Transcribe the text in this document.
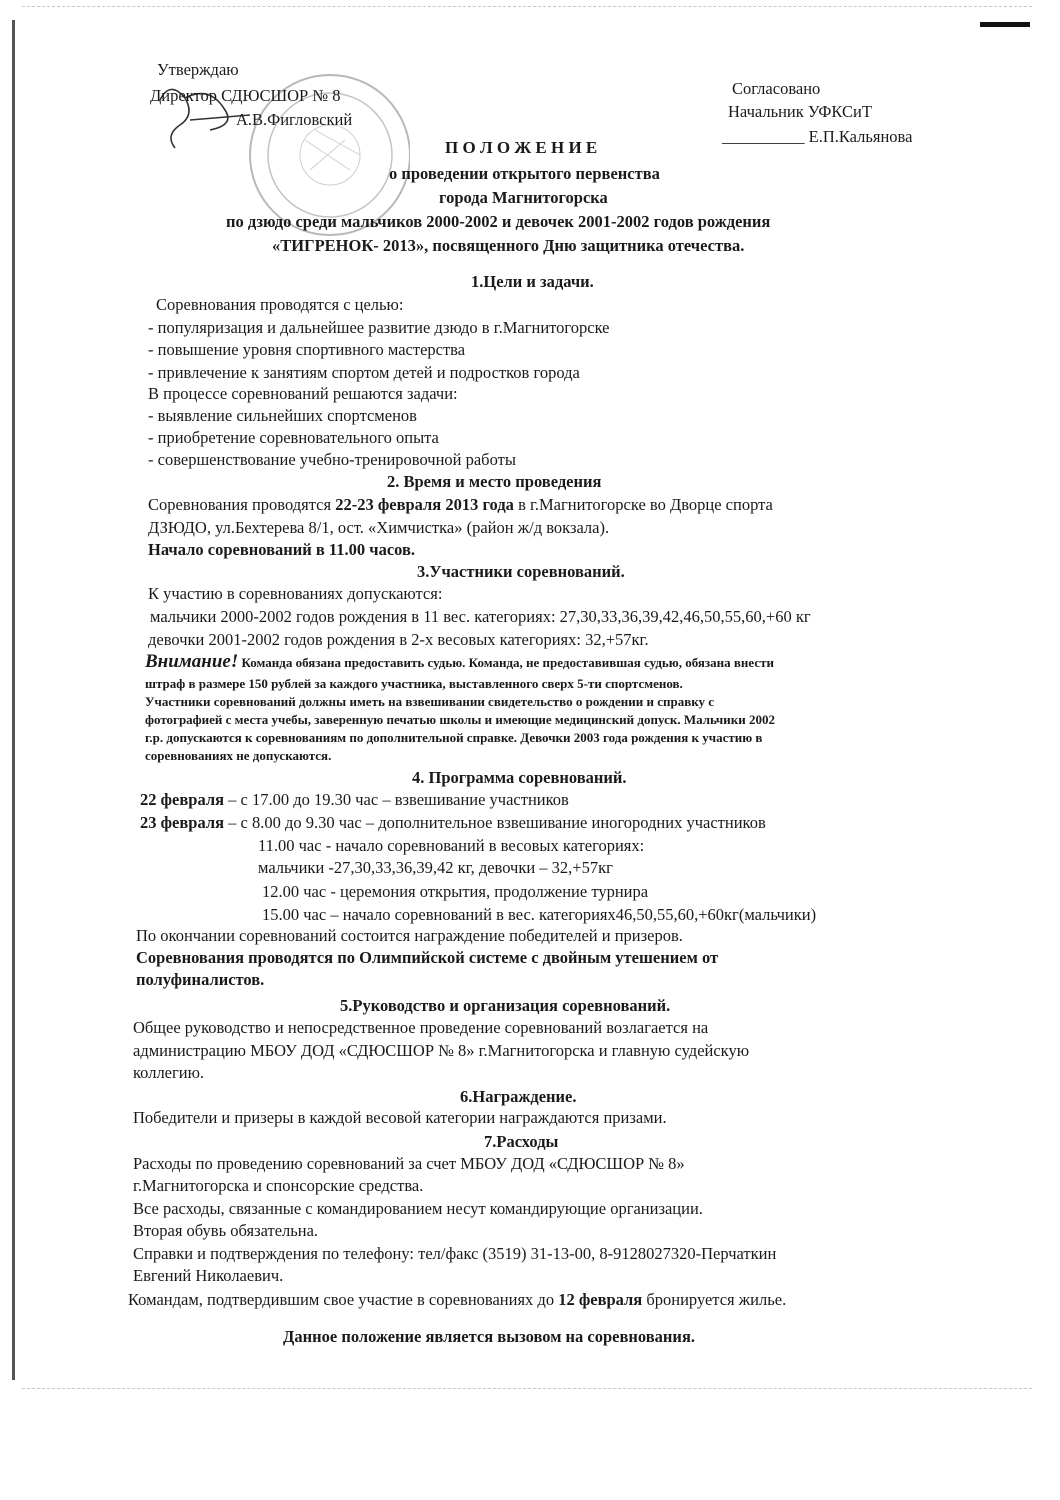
Утверждаю
Директор СДЮСШОР № 8
А.В.Фигловский
Согласовано
Начальник УФКСиТ
__________ Е.П.Кальянова
П О Л О Ж Е Н И Е
о проведении открытого первенства
города Магнитогорска
по дзюдо среди мальчиков 2000-2002 и девочек 2001-2002 годов рождения
«ТИГРЕНОК- 2013», посвященного Дню защитника отечества.
1.Цели и задачи.
Соревнования проводятся с целью:
- популяризация и дальнейшее развитие дзюдо в г.Магнитогорске
- повышение уровня спортивного мастерства
- привлечение к занятиям спортом детей и подростков города
В процессе соревнований решаются задачи:
- выявление сильнейших спортсменов
- приобретение соревновательного опыта
- совершенствование учебно-тренировочной работы
2. Время и место проведения
Соревнования проводятся 22-23 февраля 2013 года в г.Магнитогорске во Дворце спорта
ДЗЮДО, ул.Бехтерева 8/1, ост. «Химчистка» (район ж/д вокзала).
Начало соревнований в 11.00 часов.
3.Участники соревнований.
К участию в соревнованиях допускаются:
мальчики 2000-2002 годов рождения в 11 вес. категориях: 27,30,33,36,39,42,46,50,55,60,+60 кг
девочки 2001-2002 годов рождения в 2-х весовых категориях: 32,+57кг.
Внимание! Команда обязана предоставить судью. Команда, не предоставившая судью, обязана внести
штраф в размере 150 рублей за каждого участника, выставленного сверх 5-ти спортсменов.
Участники соревнований должны иметь на взвешивании свидетельство о рождении и справку с
фотографией с места учебы, заверенную печатью школы и имеющие медицинский допуск. Мальчики 2002
г.р. допускаются к соревнованиям по дополнительной справке. Девочки 2003 года рождения к участию в
соревнованиях не допускаются.
4. Программа соревнований.
22 февраля – с 17.00 до 19.30 час – взвешивание участников
23 февраля – с 8.00 до 9.30 час – дополнительное взвешивание иногородних участников
11.00 час - начало соревнований в весовых категориях:
мальчики -27,30,33,36,39,42 кг, девочки – 32,+57кг
12.00 час - церемония открытия, продолжение турнира
15.00 час – начало соревнований в вес. категориях46,50,55,60,+60кг(мальчики)
По окончании соревнований состоится награждение победителей и призеров.
Соревнования проводятся по Олимпийской системе с двойным утешением от
полуфиналистов.
5.Руководство и организация соревнований.
Общее руководство и непосредственное проведение соревнований возлагается на
администрацию МБОУ ДОД «СДЮСШОР № 8» г.Магнитогорска и главную судейскую
коллегию.
6.Награждение.
Победители и призеры в каждой весовой категории награждаются призами.
7.Расходы
Расходы по проведению соревнований за счет МБОУ ДОД «СДЮСШОР № 8»
г.Магнитогорска и спонсорские средства.
Все расходы, связанные с командированием несут командирующие организации.
Вторая обувь обязательна.
Справки и подтверждения по телефону: тел/факс (3519) 31-13-00, 8-9128027320-Перчаткин
Евгений Николаевич.
Командам, подтвердившим свое участие в соревнованиях до 12 февраля бронируется жилье.
Данное положение является вызовом на соревнования.
